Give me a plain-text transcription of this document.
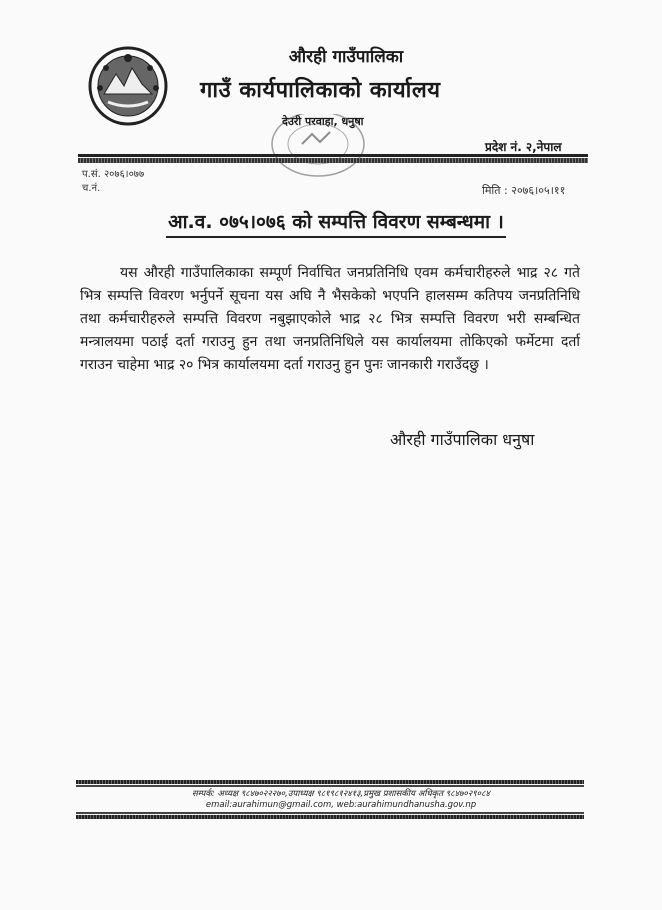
औरही गाउँपालिका
गाउँ कार्यपालिकाको कार्यालय
देउरी परवाहा, धनुषा
प्रदेश नं. २,नेपाल
प.सं. २०७६।०७७
च.नं.	मिति : २०७६।०५।११
आ.व. ०७५।०७६ को सम्पत्ति विवरण सम्बन्धमा ।
यस औरही गाउँपालिकाका सम्पूर्ण निर्वाचित जनप्रतिनिधि एवम कर्मचारीहरुले भाद्र २८ गते भित्र सम्पत्ति विवरण भर्नुपर्ने सूचना यस अघि नै भैसकेको भएपनि हालसम्म कतिपय जनप्रतिनिधि तथा कर्मचारीहरुले सम्पत्ति विवरण नबुझाएकोले भाद्र २८ भित्र सम्पत्ति विवरण भरी सम्बन्धित मन्त्रालयमा पठाई दर्ता गराउनु हुन तथा जनप्रतिनिधिले यस कार्यालयमा तोकिएको फर्मेटमा दर्ता गराउन चाहेमा भाद्र २० भित्र कार्यालयमा दर्ता गराउनु हुन पुनः जानकारी गराउँदछु ।
औरही गाउँपालिका धनुषा
सम्पर्क: अध्यक्ष ९८४७०२२२७०,उपाध्यक्ष ९८१९८१२४१३,प्रमुख प्रशासकीय अधिकृत ९८४७०२९०८४
email:aurahimun@gmail.com, web:aurahimundhanusha.gov.np
